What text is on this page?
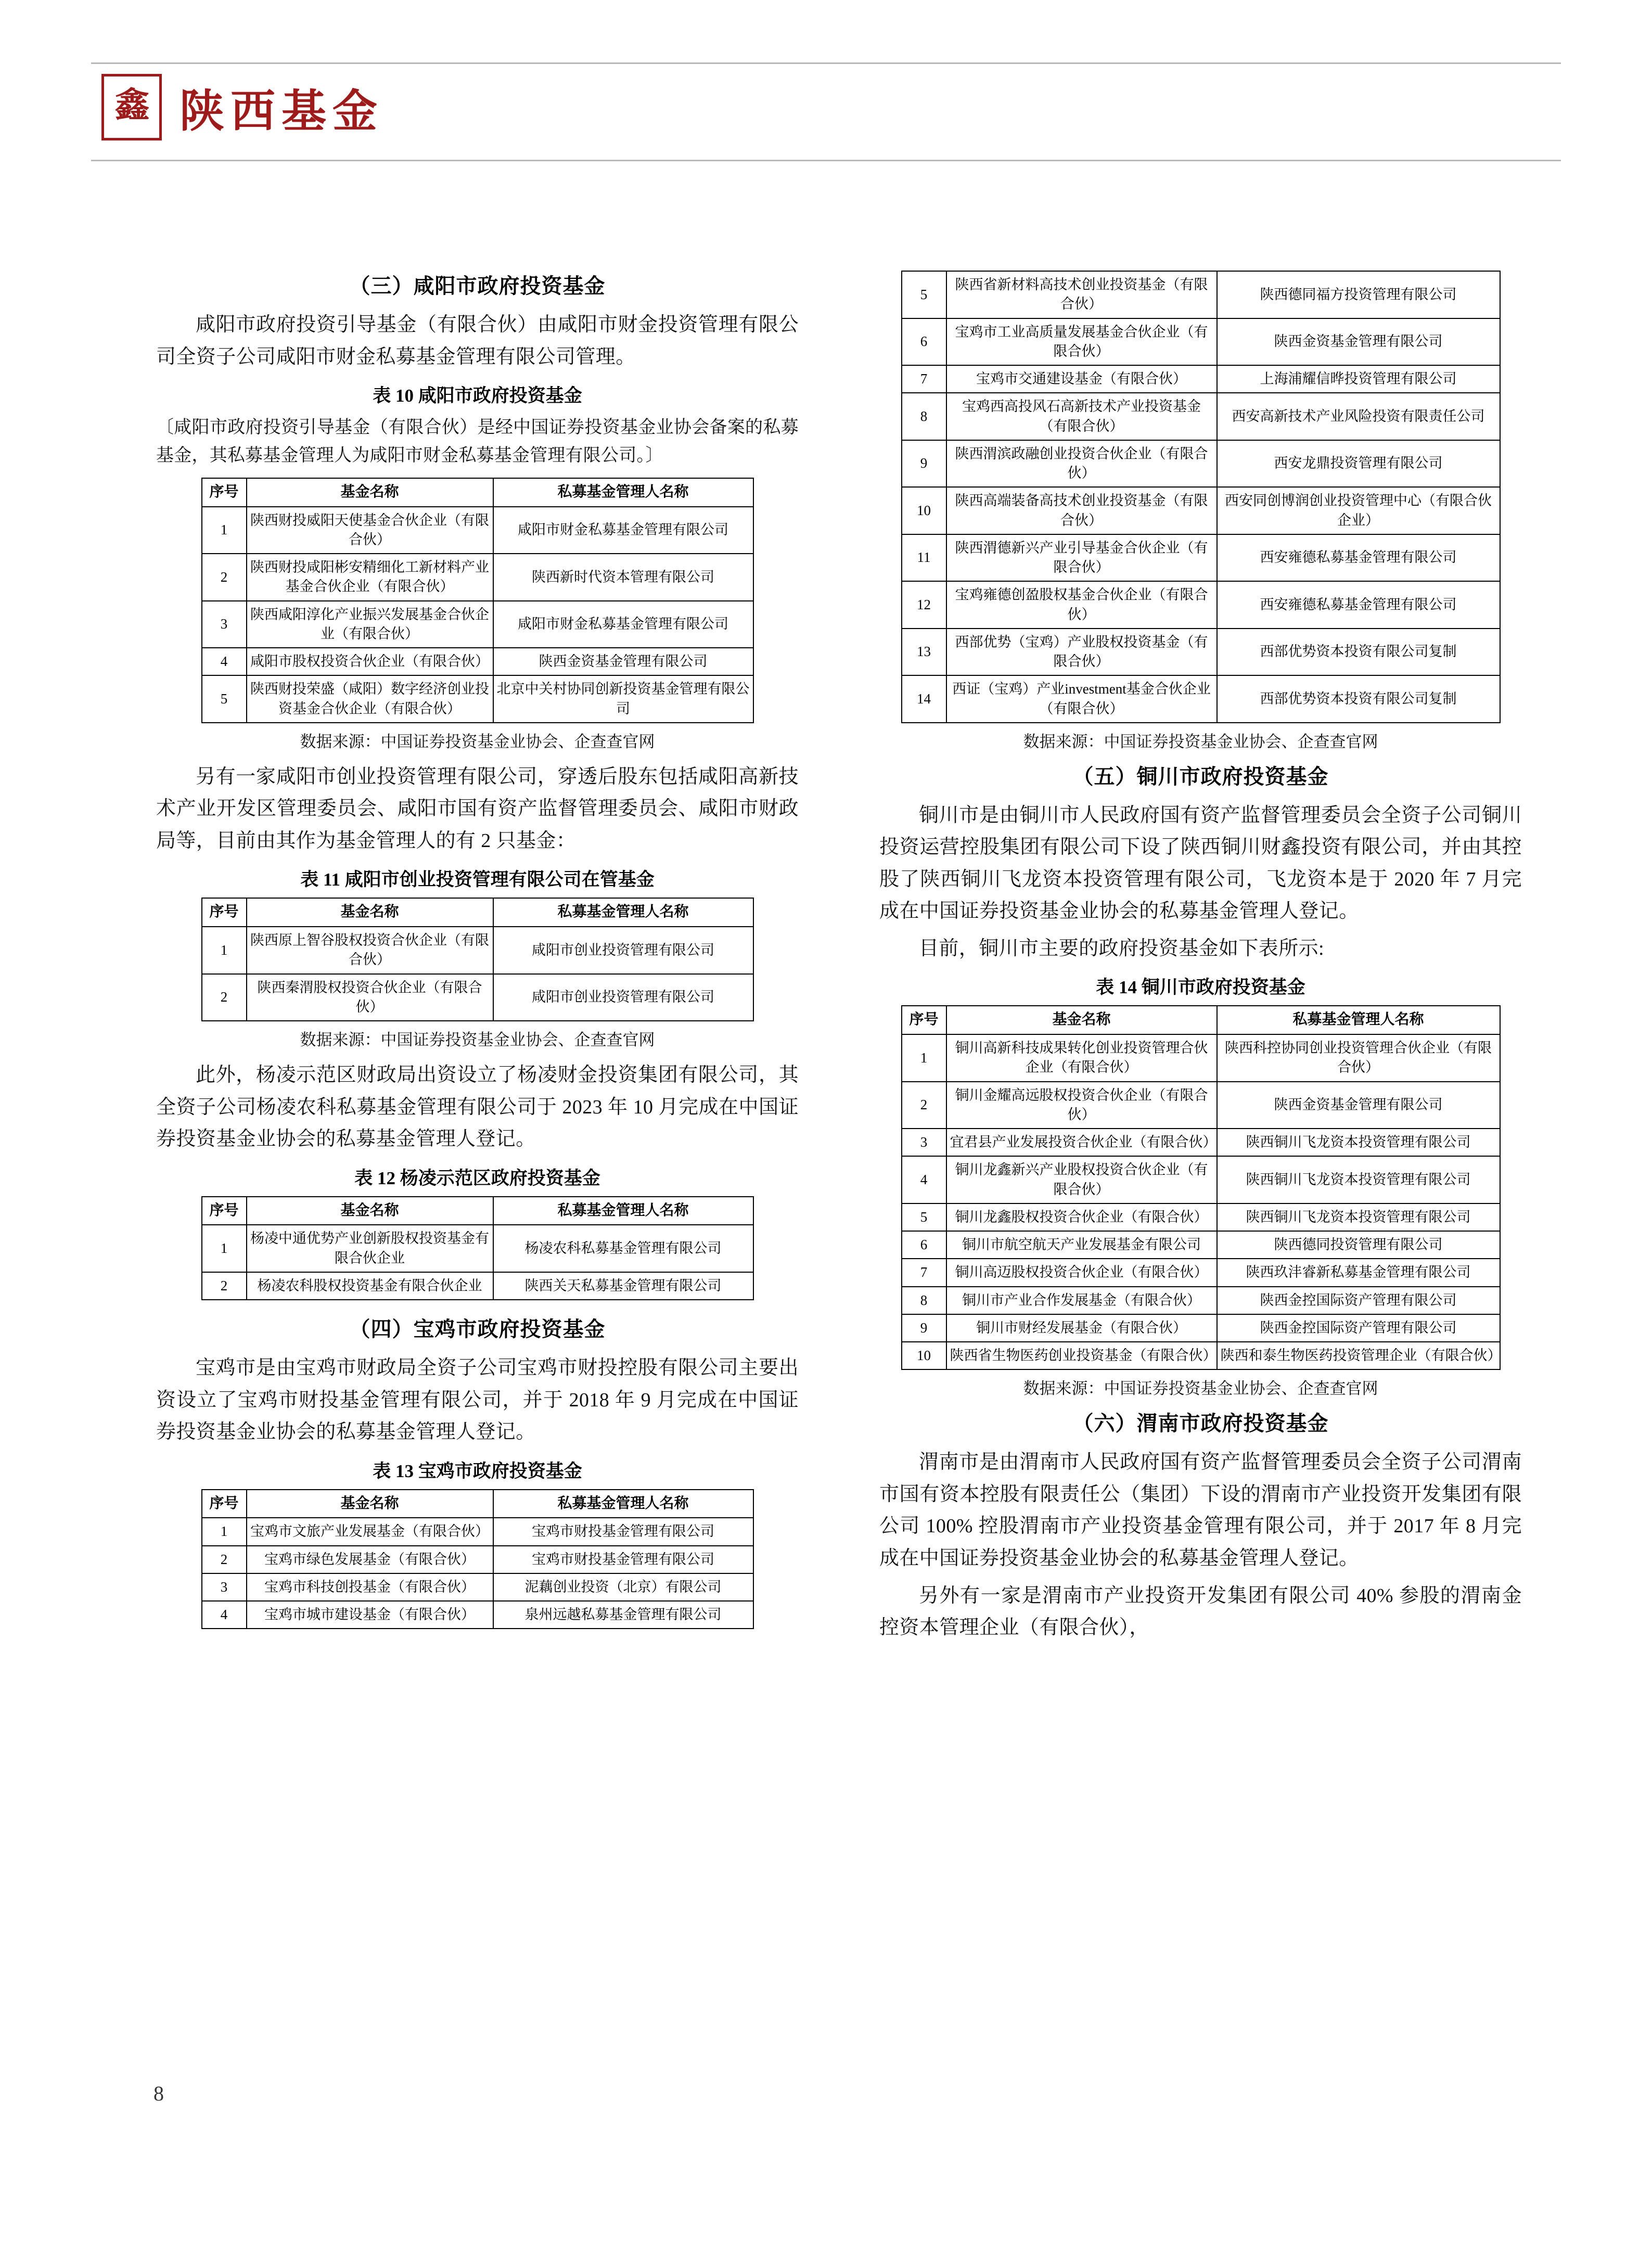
鑫 陕西基金
（三）咸阳市政府投资基金

咸阳市政府投资引导基金（有限合伙）由咸阳市财金投资管理有限公司全资子公司咸阳市财金私募基金管理有限公司管理。

表 10 咸阳市政府投资基金

〔咸阳市政府投资引导基金（有限合伙）是经中国证券投资基金业协会备案的私募基金，其私募基金管理人为咸阳市财金私募基金管理有限公司。〕

序号	基金名称	私募基金管理人名称
1	陕西财投威阳天使基金合伙企业（有限合伙）	咸阳市财金私募基金管理有限公司
2	陕西财投咸阳彬安精细化工新材料产业基金合伙企业（有限合伙）	陕西新时代资本管理有限公司
3	陕西咸阳淳化产业振兴发展基金合伙企业（有限合伙）	咸阳市财金私募基金管理有限公司
4	咸阳市股权投资合伙企业（有限合伙）	陕西金资基金管理有限公司
5	陕西财投荣盛（咸阳）数字经济创业投资基金合伙企业（有限合伙）	北京中关村协同创新投资基金管理有限公司
数据来源：中国证券投资基金业协会、企查查官网

另有一家咸阳市创业投资管理有限公司，穿透后股东包括咸阳高新技术产业开发区管理委员会、咸阳市国有资产监督管理委员会、咸阳市财政局等，目前由其作为基金管理人的有 2 只基金：

表 11 咸阳市创业投资管理有限公司在管基金
序号	基金名称	私募基金管理人名称
1	陕西原上智谷股权投资合伙企业（有限合伙）	咸阳市创业投资管理有限公司
2	陕西秦渭股权投资合伙企业（有限合伙）	咸阳市创业投资管理有限公司
数据来源：中国证券投资基金业协会、企查查官网

此外，杨凌示范区财政局出资设立了杨凌财金投资集团有限公司，其全资子公司杨凌农科私募基金管理有限公司于 2023 年 10 月完成在中国证券投资基金业协会的私募基金管理人登记。

表 12 杨凌示范区政府投资基金
序号	基金名称	私募基金管理人名称
1	杨凌中通优势产业创新股权投资基金有限合伙企业	杨凌农科私募基金管理有限公司
2	杨凌农科股权投资基金有限合伙企业	陕西关天私募基金管理有限公司
（四）宝鸡市政府投资基金

宝鸡市是由宝鸡市财政局全资子公司宝鸡市财投控股有限公司主要出资设立了宝鸡市财投基金管理有限公司，并于 2018 年 9 月完成在中国证券投资基金业协会的私募基金管理人登记。

表 13 宝鸡市政府投资基金
序号	基金名称	私募基金管理人名称
1	宝鸡市文旅产业发展基金（有限合伙）	宝鸡市财投基金管理有限公司
2	宝鸡市绿色发展基金（有限合伙）	宝鸡市财投基金管理有限公司
3	宝鸡市科技创投基金（有限合伙）	泥藕创业投资（北京）有限公司
4	宝鸡市城市建设基金（有限合伙）	泉州远越私募基金管理有限公司
5	陕西省新材料高技术创业投资基金（有限合伙）	陕西德同福方投资管理有限公司
6	宝鸡市工业高质量发展基金合伙企业（有限合伙）	陕西金资基金管理有限公司
7	宝鸡市交通建设基金（有限合伙）	上海浦耀信晔投资管理有限公司
8	宝鸡西高投风石高新技术产业投资基金（有限合伙）	西安高新技术产业风险投资有限责任公司
9	陕西渭滨政融创业投资合伙企业（有限合伙）	西安龙鼎投资管理有限公司
10	陕西高端装备高技术创业投资基金（有限合伙）	西安同创博润创业投资管理中心（有限合伙企业）
11	陕西渭德新兴产业引导基金合伙企业（有限合伙）	西安雍德私募基金管理有限公司
12	宝鸡雍德创盈股权基金合伙企业（有限合伙）	西安雍德私募基金管理有限公司
13	西部优势（宝鸡）产业股权投资基金（有限合伙）	西部优势资本投资有限公司复制
14	西证（宝鸡）产业investment基金合伙企业（有限合伙）	西部优势资本投资有限公司复制
数据来源：中国证券投资基金业协会、企查查官网
（五）铜川市政府投资基金

铜川市是由铜川市人民政府国有资产监督管理委员会全资子公司铜川投资运营控股集团有限公司下设了陕西铜川财鑫投资有限公司，并由其控股了陕西铜川飞龙资本投资管理有限公司，飞龙资本是于 2020 年 7 月完成在中国证券投资基金业协会的私募基金管理人登记。

目前，铜川市主要的政府投资基金如下表所示:

表 14 铜川市政府投资基金
序号	基金名称	私募基金管理人名称
1	铜川高新科技成果转化创业投资管理合伙企业（有限合伙）	陕西科控协同创业投资管理合伙企业（有限合伙）
2	铜川金耀高远股权投资合伙企业（有限合伙）	陕西金资基金管理有限公司
3	宜君县产业发展投资合伙企业（有限合伙）	陕西铜川飞龙资本投资管理有限公司
4	铜川龙鑫新兴产业股权投资合伙企业（有限合伙）	陕西铜川飞龙资本投资管理有限公司
5	铜川龙鑫股权投资合伙企业（有限合伙）	陕西铜川飞龙资本投资管理有限公司
6	铜川市航空航天产业发展基金有限公司	陕西德同投资管理有限公司
7	铜川高迈股权投资合伙企业（有限合伙）	陕西玖沣睿新私募基金管理有限公司
8	铜川市产业合作发展基金（有限合伙）	陕西金控国际资产管理有限公司
9	铜川市财经发展基金（有限合伙）	陕西金控国际资产管理有限公司
10	陕西省生物医药创业投资基金（有限合伙）	陕西和泰生物医药投资管理企业（有限合伙）
数据来源：中国证券投资基金业协会、企查查官网
（六）渭南市政府投资基金

渭南市是由渭南市人民政府国有资产监督管理委员会全资子公司渭南市国有资本控股有限责任公（集团）下设的渭南市产业投资开发集团有限公司 100% 控股渭南市产业投资基金管理有限公司，并于 2017 年 8 月完成在中国证券投资基金业协会的私募基金管理人登记。

另外有一家是渭南市产业投资开发集团有限公司 40% 参股的渭南金控资本管理企业（有限合伙），

8
